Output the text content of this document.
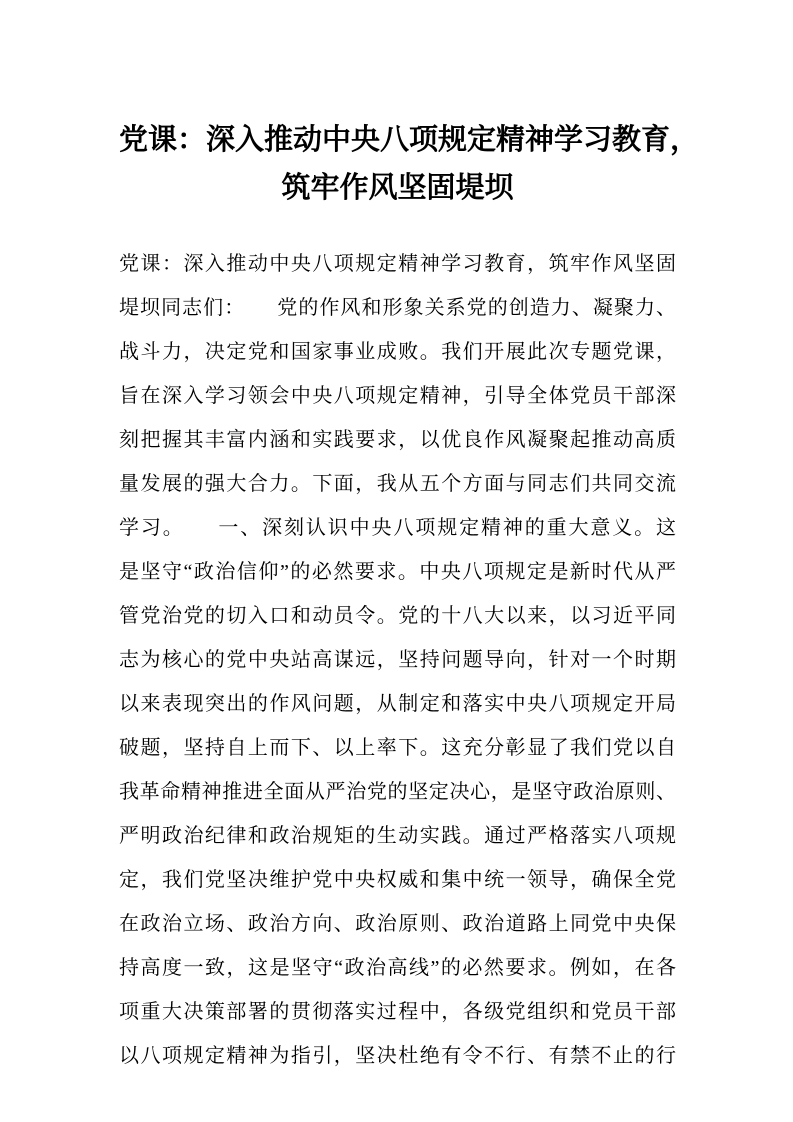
党课：深入推动中央八项规定精神学习教育，
筑牢作风坚固堤坝
党课：深入推动中央八项规定精神学习教育，筑牢作风坚固
堤坝同志们：　　党的作风和形象关系党的创造力、凝聚力、
战斗力，决定党和国家事业成败。我们开展此次专题党课，
旨在深入学习领会中央八项规定精神，引导全体党员干部深
刻把握其丰富内涵和实践要求，以优良作风凝聚起推动高质
量发展的强大合力。下面，我从五个方面与同志们共同交流
学习。　　一、深刻认识中央八项规定精神的重大意义。这
是坚守“政治信仰”的必然要求。中央八项规定是新时代从严
管党治党的切入口和动员令。党的十八大以来，以习近平同
志为核心的党中央站高谋远，坚持问题导向，针对一个时期
以来表现突出的作风问题，从制定和落实中央八项规定开局
破题，坚持自上而下、以上率下。这充分彰显了我们党以自
我革命精神推进全面从严治党的坚定决心，是坚守政治原则、
严明政治纪律和政治规矩的生动实践。通过严格落实八项规
定，我们党坚决维护党中央权威和集中统一领导，确保全党
在政治立场、政治方向、政治原则、政治道路上同党中央保
持高度一致，这是坚守“政治高线”的必然要求。例如，在各
项重大决策部署的贯彻落实过程中，各级党组织和党员干部
以八项规定精神为指引，坚决杜绝有令不行、有禁不止的行
